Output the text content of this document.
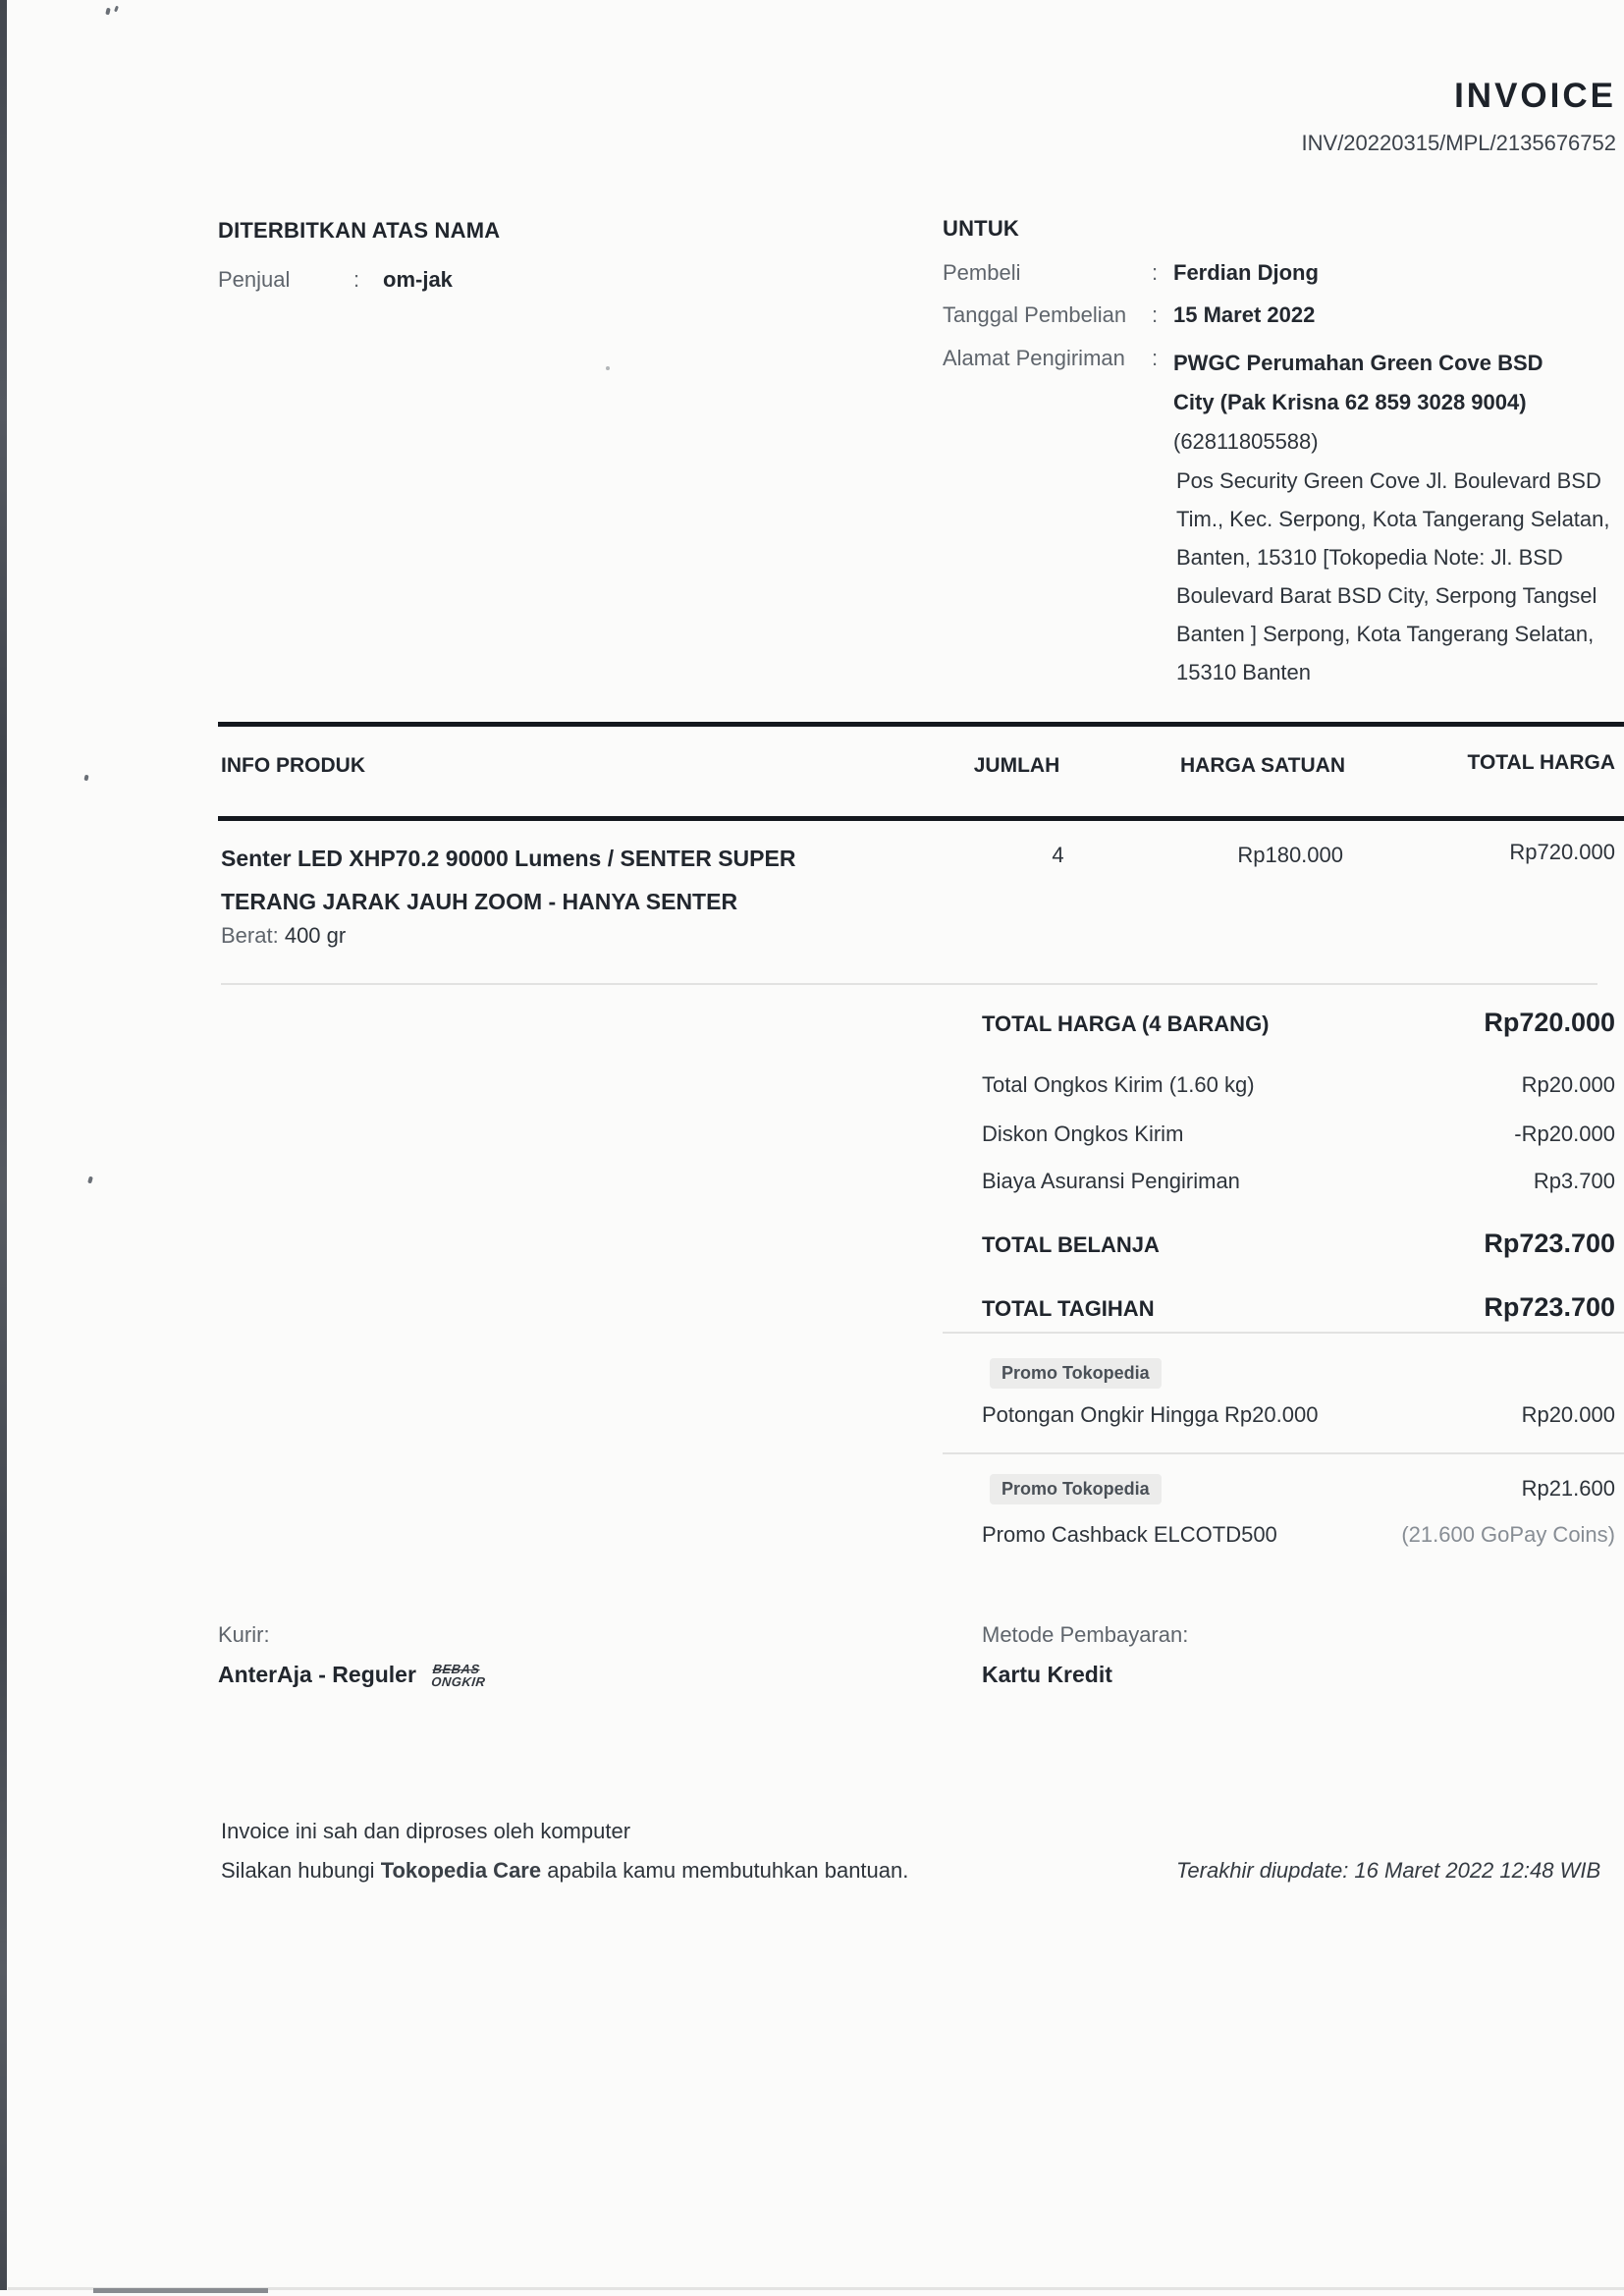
INVOICE
INV/20220315/MPL/2135676752
DITERBITKAN ATAS NAMA
Penjual	:	om-jak
UNTUK
Pembeli	: Ferdian Djong
Tanggal Pembelian	: 15 Maret 2022
Alamat Pengiriman	: PWGC Perumahan Green Cove BSD City (Pak Krisna 62 859 3028 9004) (62811805588)
Pos Security Green Cove Jl. Boulevard BSD Tim., Kec. Serpong, Kota Tangerang Selatan, Banten, 15310 [Tokopedia Note: Jl. BSD Boulevard Barat BSD City, Serpong Tangsel Banten ] Serpong, Kota Tangerang Selatan, 15310 Banten
INFO PRODUK	JUMLAH	HARGA SATUAN	TOTAL HARGA
Senter LED XHP70.2 90000 Lumens / SENTER SUPER TERANG JARAK JAUH ZOOM - HANYA SENTER
Berat: 400 gr
4	Rp180.000	Rp720.000
TOTAL HARGA (4 BARANG)	Rp720.000
Total Ongkos Kirim (1.60 kg)	Rp20.000
Diskon Ongkos Kirim	-Rp20.000
Biaya Asuransi Pengiriman	Rp3.700
TOTAL BELANJA	Rp723.700
TOTAL TAGIHAN	Rp723.700
Promo Tokopedia
Potongan Ongkir Hingga Rp20.000	Rp20.000
Promo Tokopedia	Rp21.600
Promo Cashback ELCOTD500	(21.600 GoPay Coins)
Kurir:
AnterAja - Reguler BEBAS
ONGKIR
Metode Pembayaran:
Kartu Kredit
Invoice ini sah dan diproses oleh komputer
Silakan hubungi Tokopedia Care apabila kamu membutuhkan bantuan.	Terakhir diupdate: 16 Maret 2022 12:48 WIB
